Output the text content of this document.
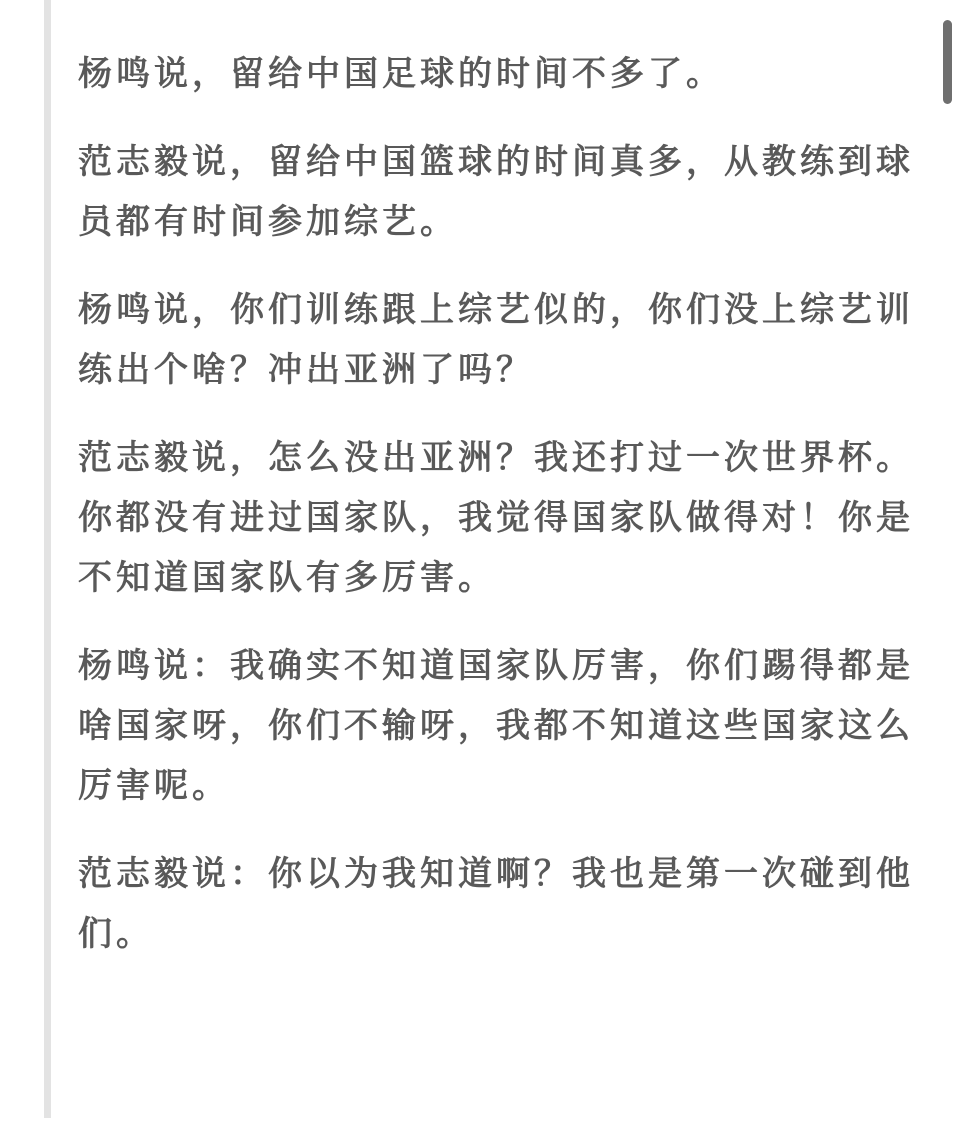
杨鸣说，留给中国足球的时间不多了。

范志毅说，留给中国篮球的时间真多，从教练到球员都有时间参加综艺。

杨鸣说，你们训练跟上综艺似的，你们没上综艺训练出个啥？冲出亚洲了吗？

范志毅说，怎么没出亚洲？我还打过一次世界杯。你都没有进过国家队，我觉得国家队做得对！你是不知道国家队有多厉害。

杨鸣说：我确实不知道国家队厉害，你们踢得都是啥国家呀，你们不输呀，我都不知道这些国家这么厉害呢。

范志毅说：你以为我知道啊？我也是第一次碰到他们。
